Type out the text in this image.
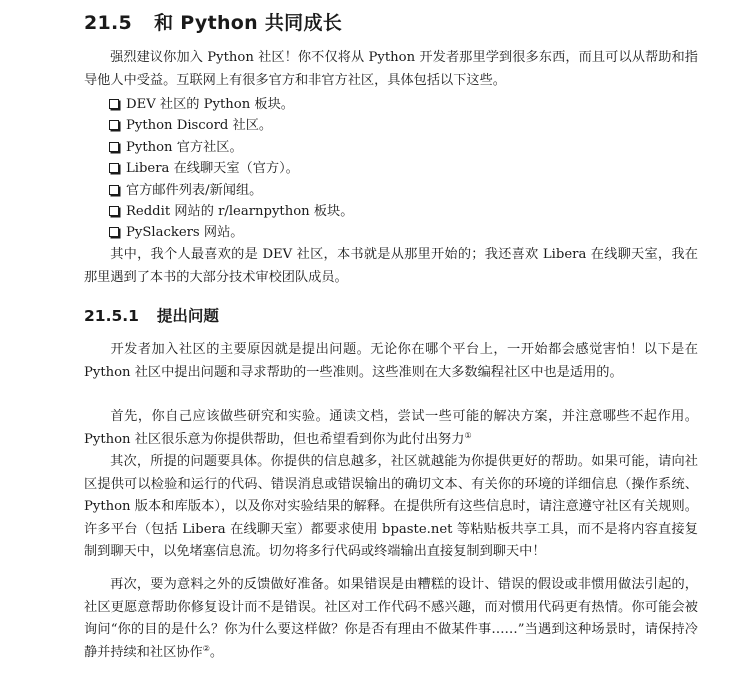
21.5 和 Python 共同成长

强烈建议你加入 Python 社区！你不仅将从 Python 开发者那里学到很多东西，而且可以从帮助和指导他人中受益。互联网上有很多官方和非官方社区，具体包括以下这些。

DEV 社区的 Python 板块。
Python Discord 社区。
Python 官方社区。
Libera 在线聊天室（官方）。
官方邮件列表/新闻组。
Reddit 网站的 r/learnpython 板块。
PySlackers 网站。

其中，我个人最喜欢的是 DEV 社区，本书就是从那里开始的；我还喜欢 Libera 在线聊天室，我在那里遇到了本书的大部分技术审校团队成员。

21.5.1 提出问题

开发者加入社区的主要原因就是提出问题。无论你在哪个平台上，一开始都会感觉害怕！以下是在 Python 社区中提出问题和寻求帮助的一些准则。这些准则在大多数编程社区中也是适用的。

首先，你自己应该做些研究和实验。通读文档，尝试一些可能的解决方案，并注意哪些不起作用。Python 社区很乐意为你提供帮助，但也希望看到你为此付出努力①

其次，所提的问题要具体。你提供的信息越多，社区就越能为你提供更好的帮助。如果可能，请向社区提供可以检验和运行的代码、错误消息或错误输出的确切文本、有关你的环境的详细信息（操作系统、Python 版本和库版本），以及你对实验结果的解释。在提供所有这些信息时，请注意遵守社区有关规则。许多平台（包括 Libera 在线聊天室）都要求使用 bpaste.net 等粘贴板共享工具，而不是将内容直接复制到聊天中，以免堵塞信息流。切勿将多行代码或终端输出直接复制到聊天中！

再次，要为意料之外的反馈做好准备。如果错误是由糟糕的设计、错误的假设或非惯用做法引起的，社区更愿意帮助你修复设计而不是错误。社区对工作代码不感兴趣，而对惯用代码更有热情。你可能会被询问“你的目的是什么？你为什么要这样做？你是否有理由不做某件事……”当遇到这种场景时，请保持冷静并持续和社区协作②。
